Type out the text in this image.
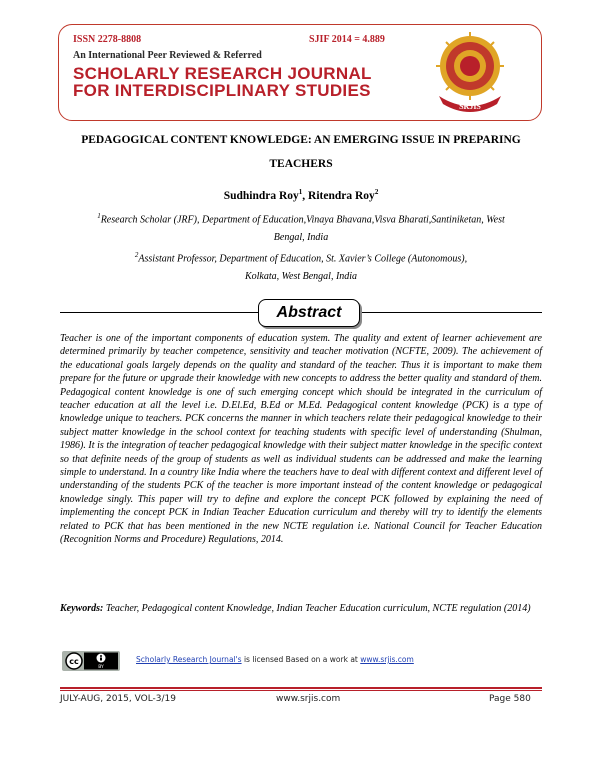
ISSN 2278-8808	SJIF 2014 = 4.889
An International Peer Reviewed & Referred
SCHOLARLY RESEARCH JOURNAL
FOR INTERDISCIPLINARY STUDIES
SRJIS
PEDAGOGICAL CONTENT KNOWLEDGE: AN EMERGING ISSUE IN PREPARING
TEACHERS
Sudhindra Roy$^1$, Ritendra Roy$^2$
$^1$Research Scholar (JRF), Department of Education,Vinaya Bhavana,Visva Bharati,Santiniketan, West
Bengal, India
$^2$Assistant Professor, Department of Education, St. Xavier’s College (Autonomous),
Kolkata, West Bengal, India
Abstract

Teacher is one of the important components of education system. The quality and extent of learner achievement are determined primarily by teacher competence, sensitivity and teacher motivation (NCFTE, 2009). The achievement of the educational goals largely depends on the quality and standard of the teacher. Thus it is important to make them prepare for the future or upgrade their knowledge with new concepts to address the better quality and standard of them. Pedagogical content knowledge is one of such emerging concept which should be integrated in the curriculum of teacher education at all the level i.e. D.El.Ed, B.Ed or M.Ed. Pedagogical content knowledge (PCK) is a type of knowledge unique to teachers. PCK concerns the manner in which teachers relate their pedagogical knowledge to their subject matter knowledge in the school context for teaching students with specific level of understanding (Shulman, 1986). It is the integration of teacher pedagogical knowledge with their subject matter knowledge in the specific context so that definite needs of the group of students as well as individual students can be addressed and make the learning simple to understand. In a country like India where the teachers have to deal with different context and different level of understanding of the students PCK of the teacher is more important instead of the content knowledge or pedagogical knowledge singly. This paper will try to define and explore the concept PCK followed by explaining the need of implementing the concept PCK in Indian Teacher Education curriculum and thereby will try to identify the elements related to PCK that has been mentioned in the new NCTE regulation i.e. National Council for Teacher Education (Recognition Norms and Procedure) Regulations, 2014.

Keywords: Teacher, Pedagogical content Knowledge, Indian Teacher Education curriculum, NCTE regulation (2014)

cc
BY
Scholarly Research Journal's is licensed Based on a work at www.srjis.com
JULY-AUG, 2015, VOL-3/19	www.srjis.com	Page 580
